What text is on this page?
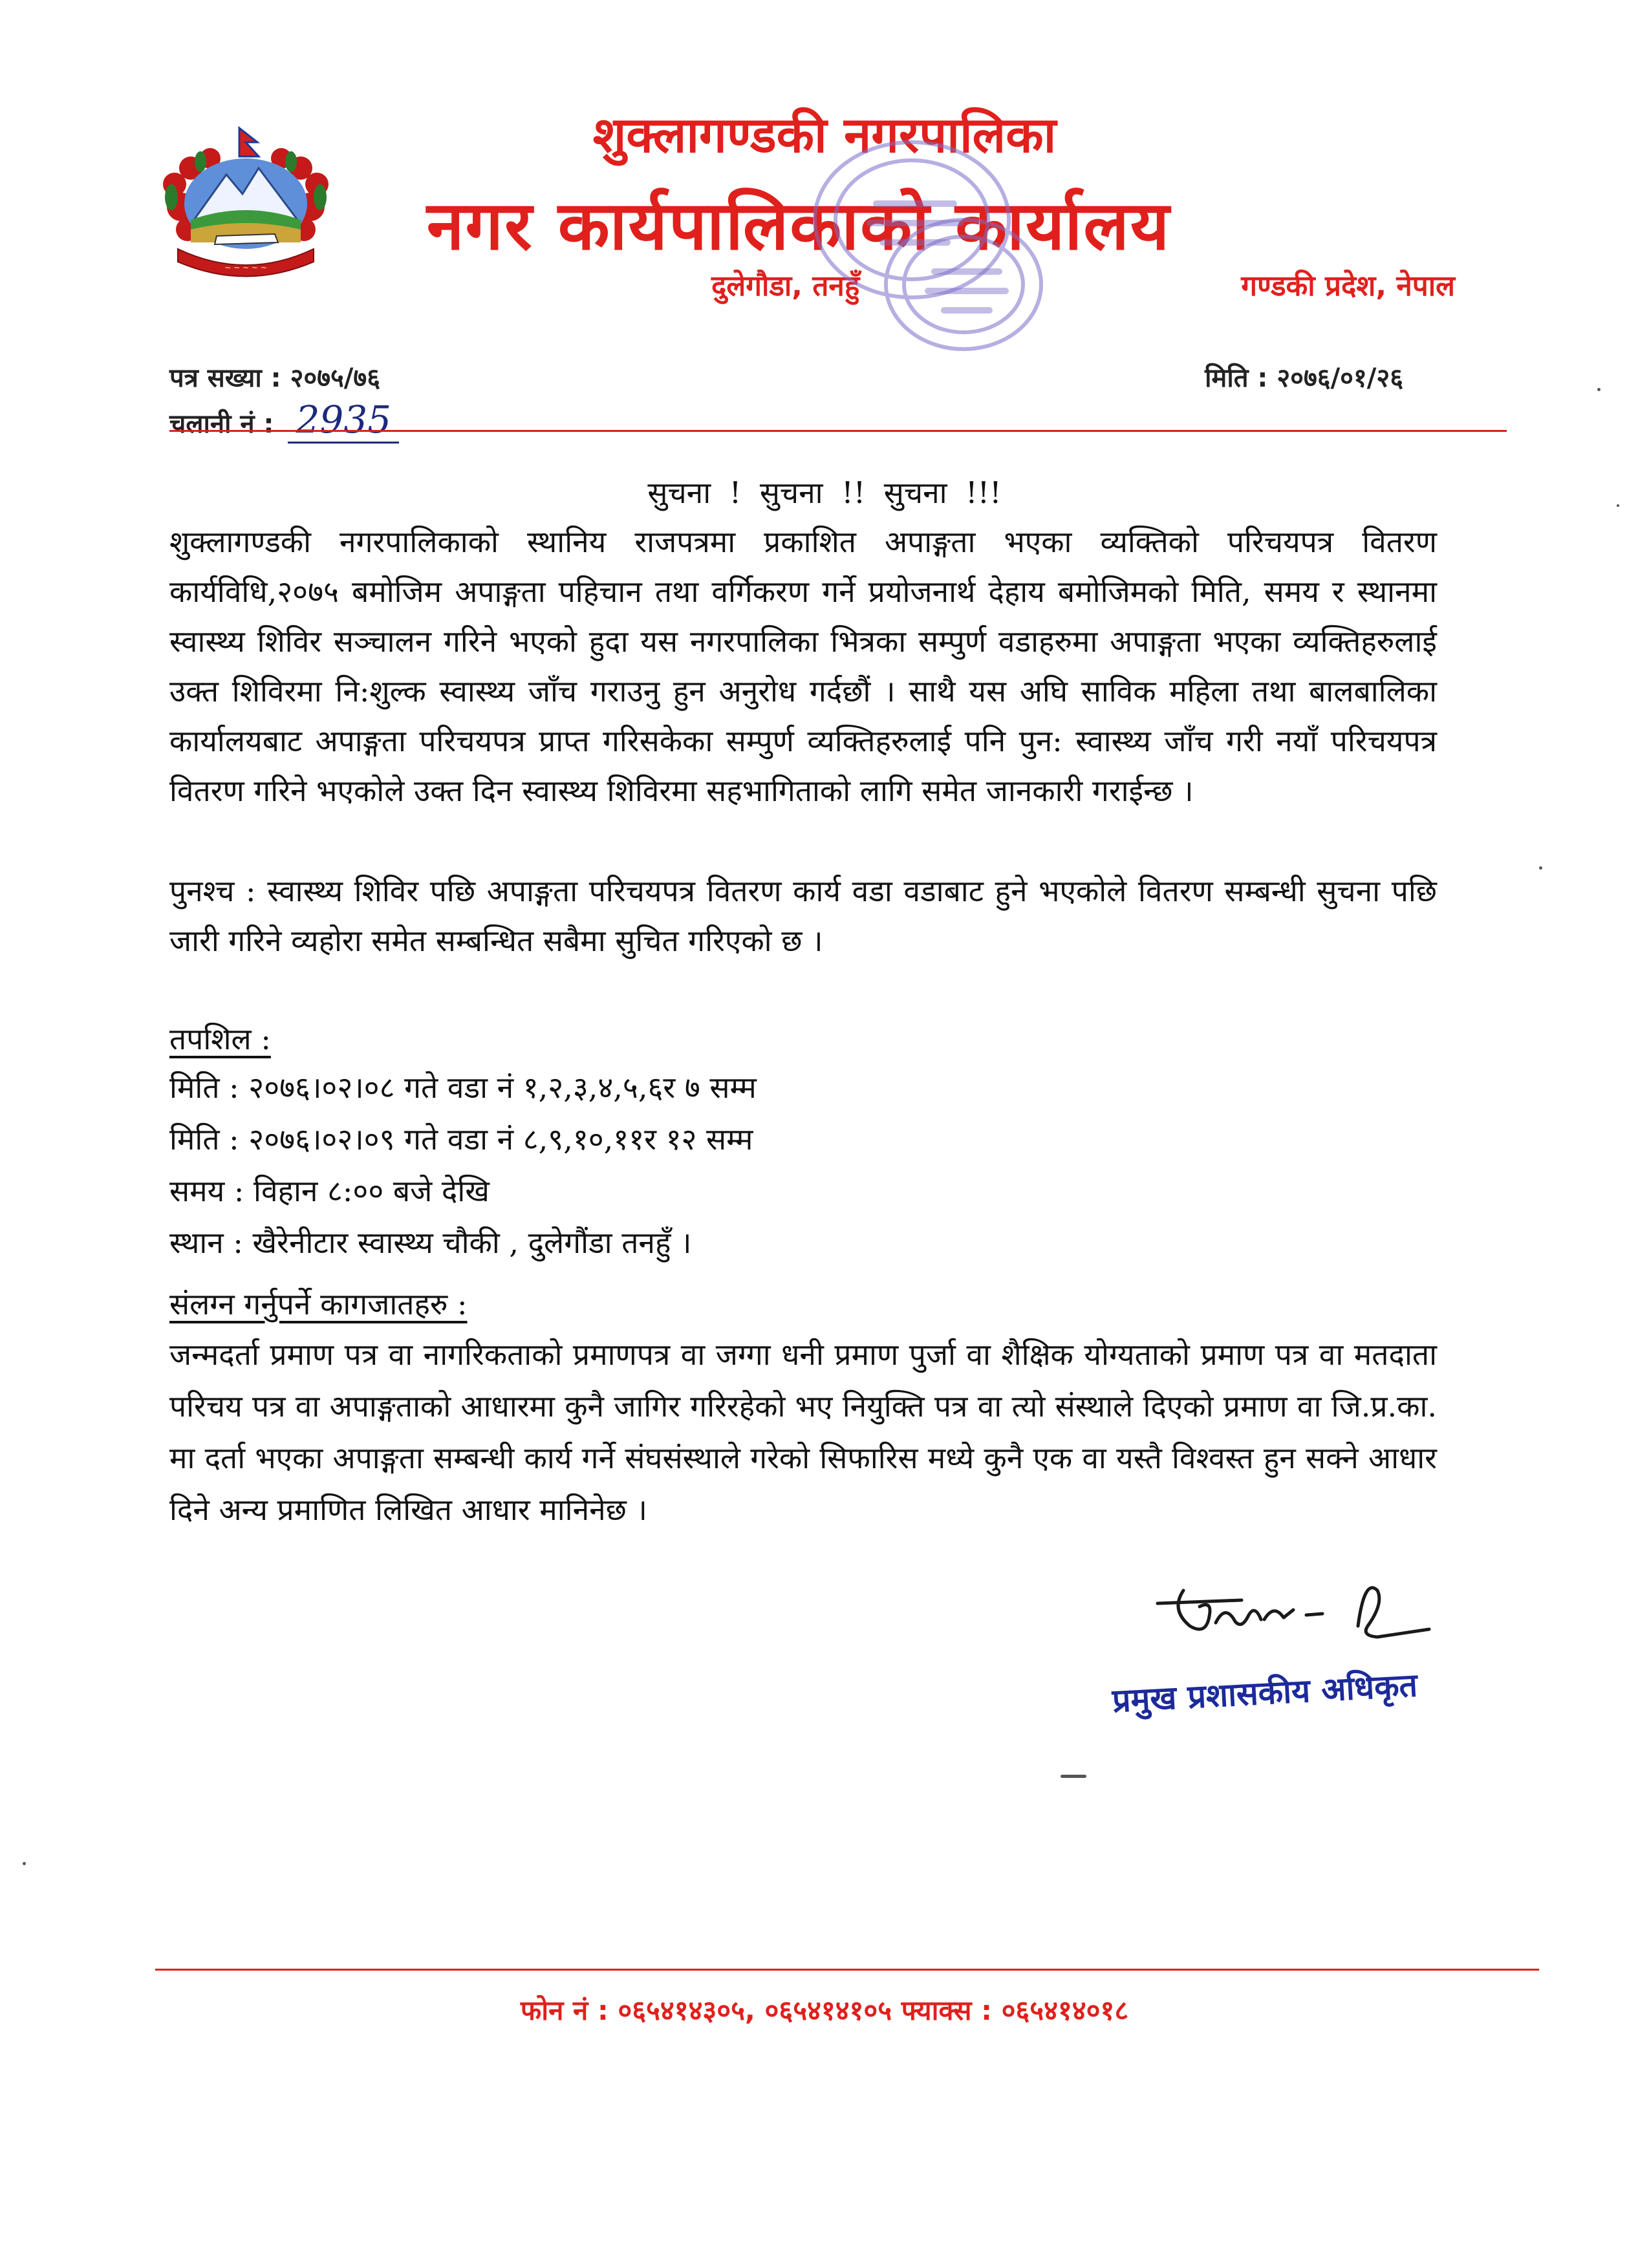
~ ~ ~ ~ ~
शुक्लागण्डकी नगरपालिका
नगर कार्यपालिकाको कार्यालय
दुलेगौडा, तनहुँ	गण्डकी प्रदेश, नेपाल
पत्र सख्या : २०७५/७६
चलानी नं : 2935
मिति : २०७६/०१/२६
सुचना ! सुचना !! सुचना !!!
शुक्लागण्डकी नगरपालिकाको स्थानिय राजपत्रमा प्रकाशित अपाङ्गता भएका व्यक्तिको परिचयपत्र वितरण कार्यविधि,२०७५ बमोजिम अपाङ्गता पहिचान तथा वर्गिकरण गर्ने प्रयोजनार्थ देहाय बमोजिमको मिति, समय र स्थानमा स्वास्थ्य शिविर सञ्चालन गरिने भएको हुदा यस नगरपालिका भित्रका सम्पुर्ण वडाहरुमा अपाङ्गता भएका व्यक्तिहरुलाई उक्त शिविरमा नि:शुल्क स्वास्थ्य जाँच गराउनु हुन अनुरोध गर्दछौं । साथै यस अघि साविक महिला तथा बालबालिका कार्यालयबाट अपाङ्गता परिचयपत्र प्राप्त गरिसकेका सम्पुर्ण व्यक्तिहरुलाई पनि पुन: स्वास्थ्य जाँच गरी नयाँ परिचयपत्र वितरण गरिने भएकोले उक्त दिन स्वास्थ्य शिविरमा सहभागिताको लागि समेत जानकारी गराईन्छ ।
पुनश्च : स्वास्थ्य शिविर पछि अपाङ्गता परिचयपत्र वितरण कार्य वडा वडाबाट हुने भएकोले वितरण सम्बन्धी सुचना पछि जारी गरिने व्यहोरा समेत सम्बन्धित सबैमा सुचित गरिएको छ ।
तपशिल :
मिति : २०७६।०२।०८ गते वडा नं १,२,३,४,५,६र ७ सम्म
मिति : २०७६।०२।०९ गते वडा नं ८,९,१०,११र १२ सम्म
समय : विहान ८:०० बजे देखि
स्थान : खैरेनीटार स्वास्थ्य चौकी , दुलेगौंडा तनहुँ ।
संलग्न गर्नुपर्ने कागजातहरु :
जन्मदर्ता प्रमाण पत्र वा नागरिकताको प्रमाणपत्र वा जग्गा धनी प्रमाण पुर्जा वा शैक्षिक योग्यताको प्रमाण पत्र वा मतदाता परिचय पत्र वा अपाङ्गताको आधारमा कुनै जागिर गरिरहेको भए नियुक्ति पत्र वा त्यो संस्थाले दिएको प्रमाण वा जि.प्र.का. मा दर्ता भएका अपाङ्गता सम्बन्धी कार्य गर्ने संघसंस्थाले गरेको सिफारिस मध्ये कुनै एक वा यस्तै विश्वस्त हुन सक्ने आधार दिने अन्य प्रमाणित लिखित आधार मानिनेछ ।
प्रमुख प्रशासकीय अधिकृत
फोन नं : ०६५४१४३०५, ०६५४१४१०५ फ्याक्स : ०६५४१४०१८
